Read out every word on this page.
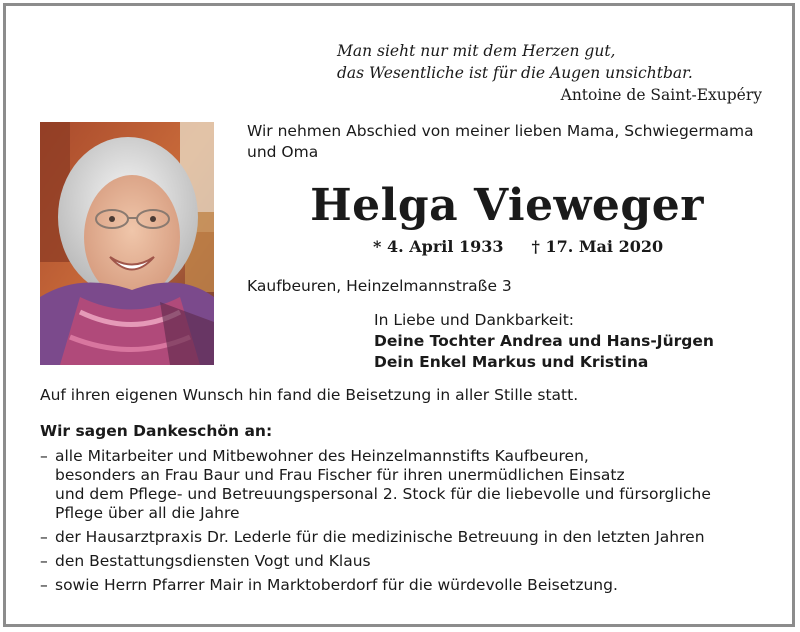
Man sieht nur mit dem Herzen gut,
das Wesentliche ist für die Augen unsichtbar.
Antoine de Saint-Exupéry
Wir nehmen Abschied von meiner lieben Mama, Schwiegermama
und Oma
Helga Vieweger
* 4. April 1933 † 17. Mai 2020
Kaufbeuren, Heinzelmannstraße 3
In Liebe und Dankbarkeit:
Deine Tochter Andrea und Hans-Jürgen
Dein Enkel Markus und Kristina
Auf ihren eigenen Wunsch hin fand die Beisetzung in aller Stille statt.
Wir sagen Dankeschön an:
– alle Mitarbeiter und Mitbewohner des Heinzelmannstifts Kaufbeuren,
besonders an Frau Baur und Frau Fischer für ihren unermüdlichen Einsatz
und dem Pflege- und Betreuungspersonal 2. Stock für die liebevolle und fürsorgliche
Pflege über all die Jahre
– der Hausarztpraxis Dr. Lederle für die medizinische Betreuung in den letzten Jahren
– den Bestattungsdiensten Vogt und Klaus
– sowie Herrn Pfarrer Mair in Marktoberdorf für die würdevolle Beisetzung.
